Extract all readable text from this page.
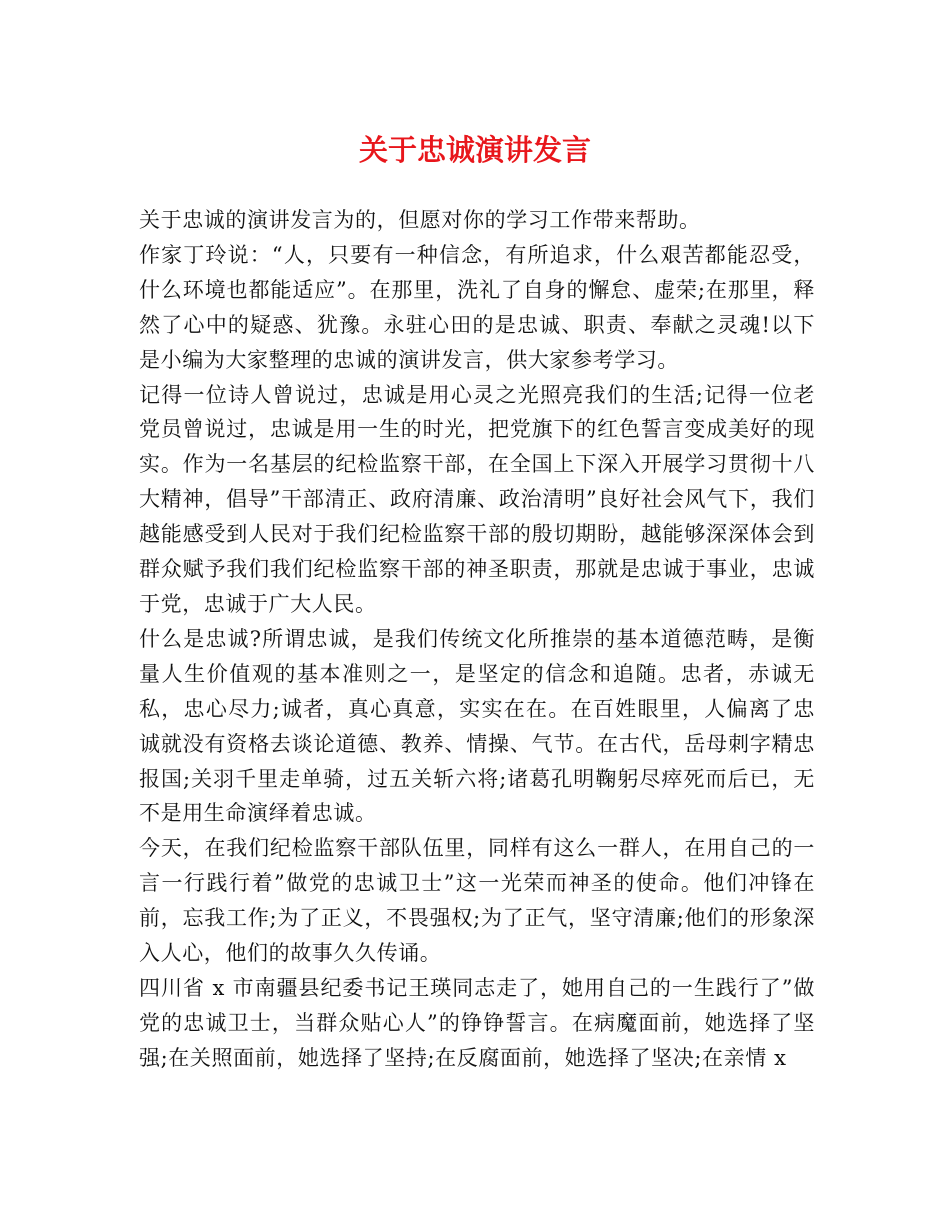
关于忠诚演讲发言

关于忠诚的演讲发言为的，但愿对你的学习工作带来帮助。

作家丁玲说：“人，只要有一种信念，有所追求，什么艰苦都能忍受，什么环境也都能适应”。在那里，洗礼了自身的懈怠、虚荣;在那里，释然了心中的疑惑、犹豫。永驻心田的是忠诚、职责、奉献之灵魂!以下是小编为大家整理的忠诚的演讲发言，供大家参考学习。

记得一位诗人曾说过，忠诚是用心灵之光照亮我们的生活;记得一位老党员曾说过，忠诚是用一生的时光，把党旗下的红色誓言变成美好的现实。作为一名基层的纪检监察干部，在全国上下深入开展学习贯彻十八大精神，倡导”干部清正、政府清廉、政治清明”良好社会风气下，我们越能感受到人民对于我们纪检监察干部的殷切期盼，越能够深深体会到群众赋予我们我们纪检监察干部的神圣职责，那就是忠诚于事业，忠诚于党，忠诚于广大人民。

什么是忠诚?所谓忠诚，是我们传统文化所推崇的基本道德范畴，是衡量人生价值观的基本准则之一，是坚定的信念和追随。忠者，赤诚无私，忠心尽力;诚者，真心真意，实实在在。在百姓眼里，人偏离了忠诚就没有资格去谈论道德、教养、情操、气节。在古代，岳母刺字精忠报国;关羽千里走单骑，过五关斩六将;诸葛孔明鞠躬尽瘁死而后已，无不是用生命演绎着忠诚。

今天，在我们纪检监察干部队伍里，同样有这么一群人，在用自己的一言一行践行着”做党的忠诚卫士”这一光荣而神圣的使命。他们冲锋在前，忘我工作;为了正义，不畏强权;为了正气，坚守清廉;他们的形象深入人心，他们的故事久久传诵。

四川省 x 市南疆县纪委书记王瑛同志走了，她用自己的一生践行了”做党的忠诚卫士，当群众贴心人”的铮铮誓言。在病魔面前，她选择了坚强;在关照面前，她选择了坚持;在反腐面前，她选择了坚决;在亲情 x
